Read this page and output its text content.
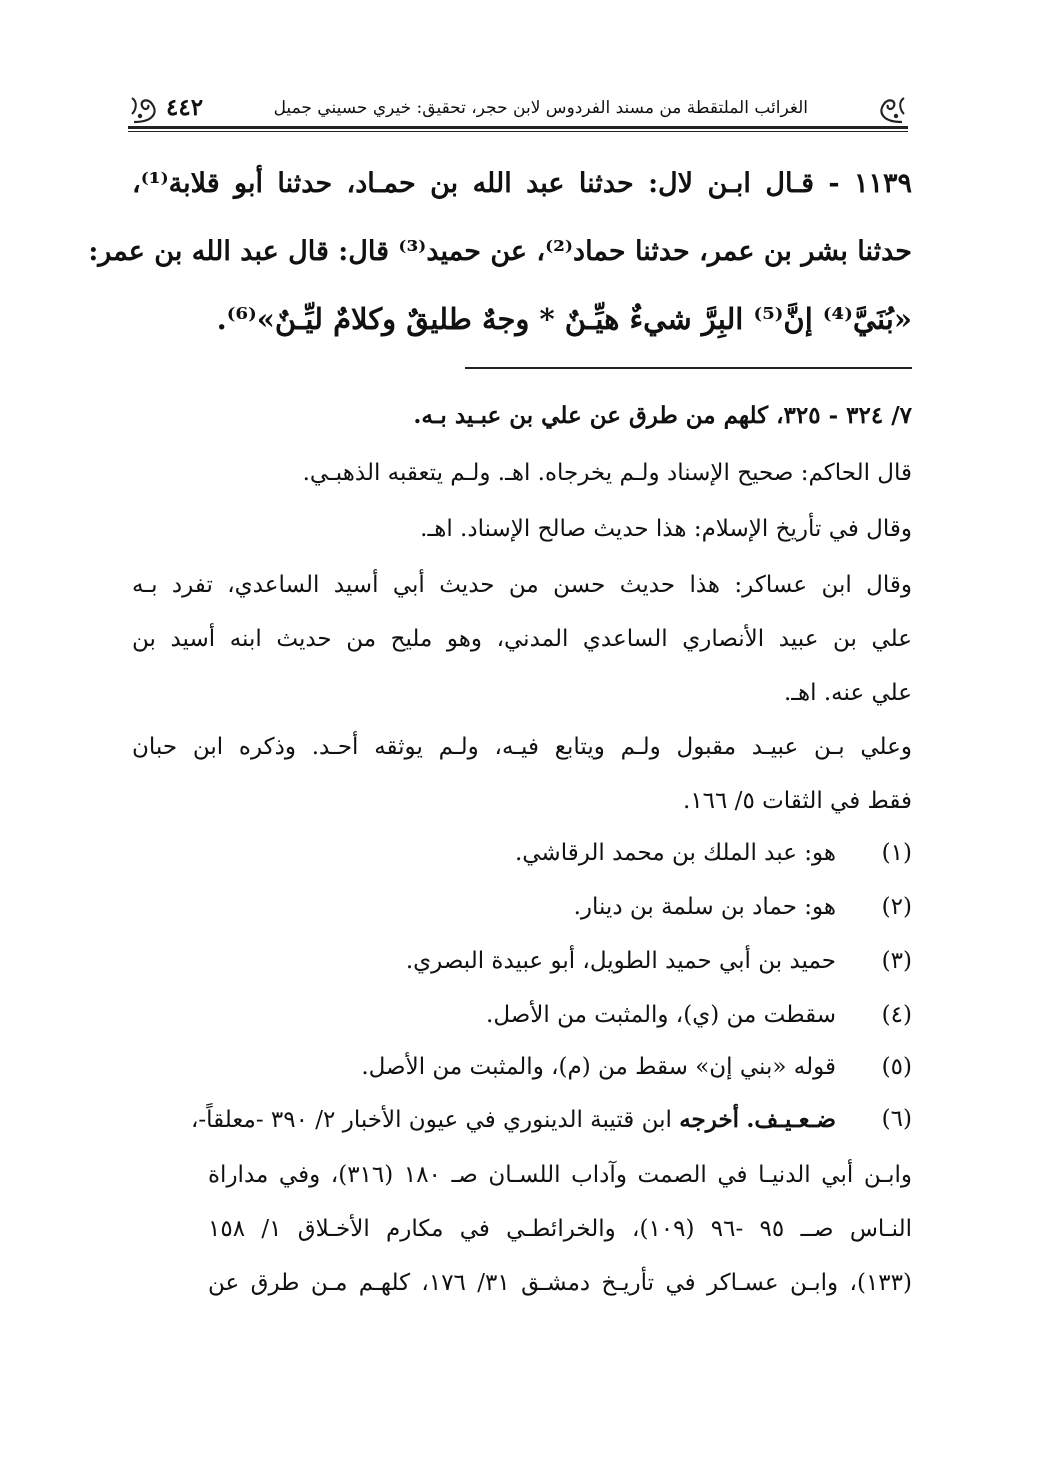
الغرائب الملتقطة من مسند الفردوس لابن حجر، تحقيق: خيري حسيني جميل
٤٤٢
١١٣٩ - قـال ابـن لال: حدثنا عبد الله بن حمـاد، حدثنا أبو قلابة⁽¹⁾،
حدثنا بشر بن عمر، حدثنا حماد⁽²⁾، عن حميد⁽³⁾ قال: قال عبد الله بن عمر:
«بُنَيَّ⁽⁴⁾ إنَّ⁽⁵⁾ البِرَّ شيءٌ هيِّـنٌ * وجهٌ طليقٌ وكلامٌ ليِّـنٌ»⁽⁶⁾.
٧/ ٣٢٤ - ٣٢٥، كلهم من طرق عن علي بن عبـيد بـه.
قال الحاكم: صحيح الإسناد ولـم يخرجاه. اهـ. ولـم يتعقبه الذهبـي.
وقال في تأريخ الإسلام: هذا حديث صالح الإسناد. اهـ.
وقال ابن عساكر: هذا حديث حسن من حديث أبي أسيد الساعدي، تفرد بـه
علي بن عبيد الأنصاري الساعدي المدني، وهو مليح من حديث ابنه أسيد بن
علي عنه. اهـ.
وعلي بـن عبيـد مقبول ولـم ويتابع فيـه، ولـم يوثقه أحـد. وذكره ابن حبان
فقط في الثقات ٥/ ١٦٦.
(١)
هو: عبد الملك بن محمد الرقاشي.
(٢)
هو: حماد بن سلمة بن دينار.
(٣)
حميد بن أبي حميد الطويل، أبو عبيدة البصري.
(٤)
سقطت من (ي)، والمثبت من الأصل.
(٥)
قوله «بني إن» سقط من (م)، والمثبت من الأصل.
(٦)
ضـعـيـف. أخرجه ابن قتيبة الدينوري في عيون الأخبار ٢/ ٣٩٠ -معلقاً-،
وابـن أبي الدنيـا في الصمت وآداب اللسـان صـ ١٨٠ (٣١٦)، وفي مداراة
النـاس صــ ٩٥ -٩٦ (١٠٩)، والخرائطـي في مكارم الأخـلاق ١/ ١٥٨
(١٣٣)، وابـن عسـاكر في تأريـخ دمشـق ٣١/ ١٧٦، كلهـم مـن طرق عن
